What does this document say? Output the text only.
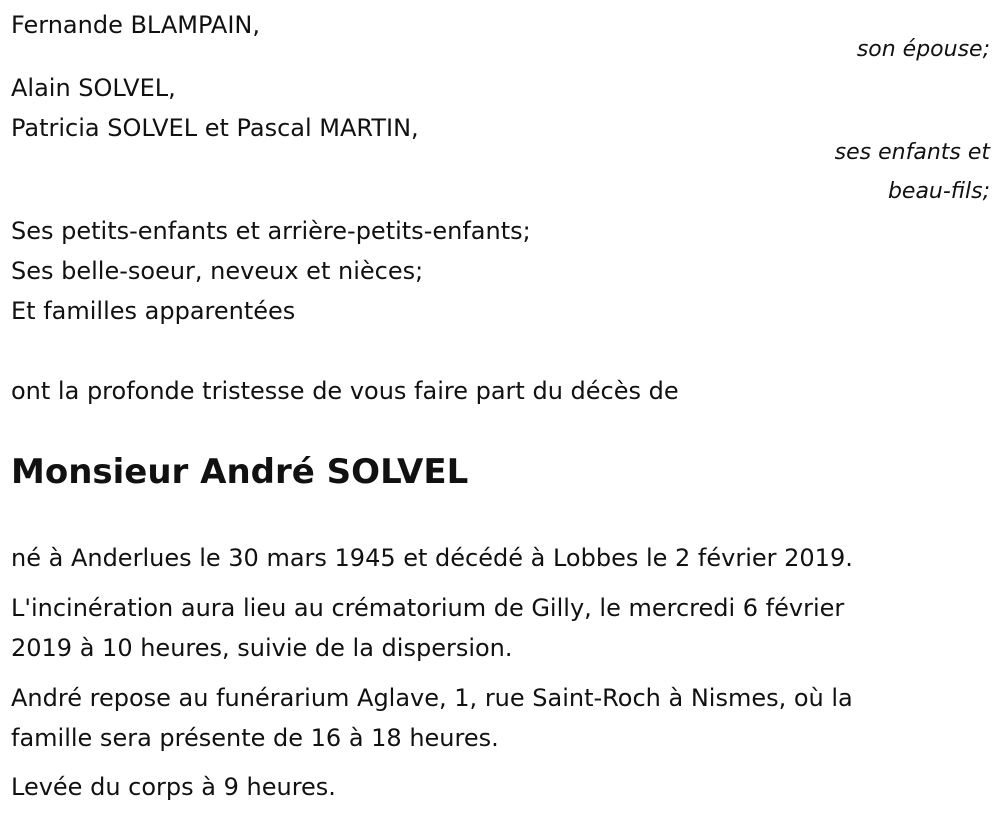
Fernande BLAMPAIN,
son épouse;
Alain SOLVEL,
Patricia SOLVEL et Pascal MARTIN,
ses enfants et
beau-fils;
Ses petits-enfants et arrière-petits-enfants;
Ses belle-soeur, neveux et nièces;
Et familles apparentées
ont la profonde tristesse de vous faire part du décès de
Monsieur André SOLVEL
né à Anderlues le 30 mars 1945 et décédé à Lobbes le 2 février 2019.
L'incinération aura lieu au crématorium de Gilly, le mercredi 6 février
2019 à 10 heures, suivie de la dispersion.
André repose au funérarium Aglave, 1, rue Saint-Roch à Nismes, où la
famille sera présente de 16 à 18 heures.
Levée du corps à 9 heures.
